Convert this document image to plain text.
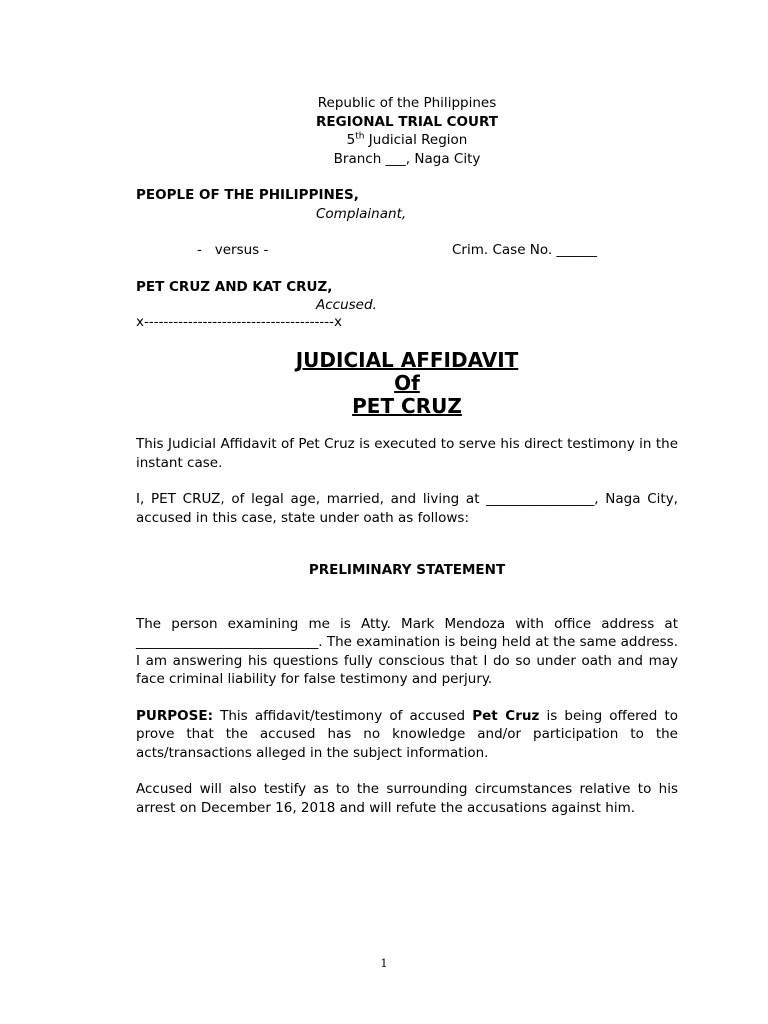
Republic of the Philippines

REGIONAL TRIAL COURT

5th Judicial Region

Branch ___, Naga City

PEOPLE OF THE PHILIPPINES,

Complainant,

-   versus -	Crim. Case No. ______

PET CRUZ AND KAT CRUZ,

Accused.

x---------------------------------------x

JUDICIAL AFFIDAVIT

Of

PET CRUZ

This Judicial Affidavit of Pet Cruz is executed to serve his direct testimony in the instant case.

I, PET CRUZ, of legal age, married, and living at ________________, Naga City, accused in this case, state under oath as follows:

PRELIMINARY STATEMENT

The person examining me is Atty. Mark Mendoza with office address at ___________________________. The examination is being held at the same address. I am answering his questions fully conscious that I do so under oath and may face criminal liability for false testimony and perjury.

PURPOSE: This affidavit/testimony of accused Pet Cruz is being offered to prove that the accused has no knowledge and/or participation to the acts/transactions alleged in the subject information.

Accused will also testify as to the surrounding circumstances relative to his arrest on December 16, 2018 and will refute the accusations against him.

1
